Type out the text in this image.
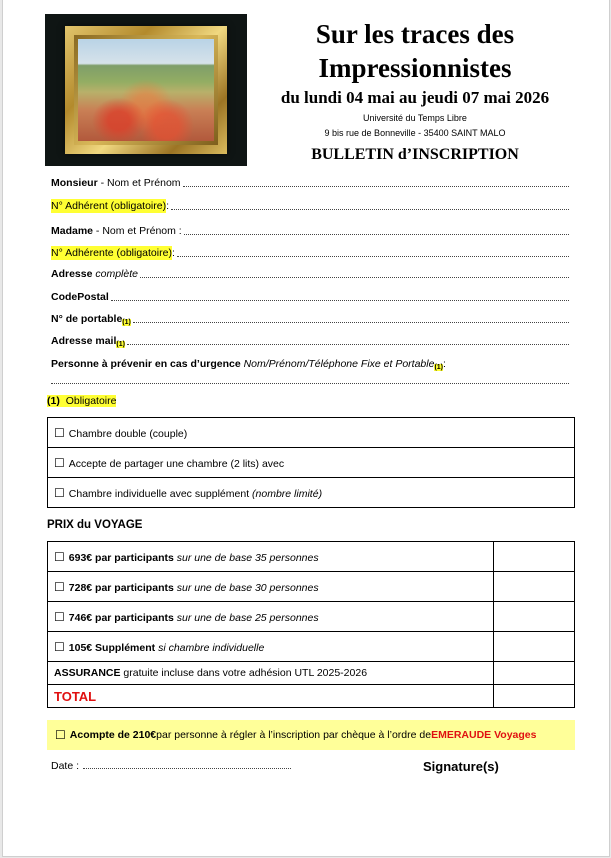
Sur les traces des
Impressionnistes
du lundi 04 mai au jeudi 07 mai 2026
Université du Temps Libre
9 bis rue de Bonneville - 35400 SAINT MALO
BULLETIN d’INSCRIPTION
Monsieur - Nom et Prénom
N° Adhérent (obligatoire) :
Madame - Nom et Prénom :
N° Adhérente (obligatoire) :
Adresse complète
CodePostal
N° de portable (1)
Adresse mail (1)
Personne à prévenir en cas d’urgence Nom/Prénom/Téléphone Fixe et Portable (1) :
(1) Obligatoire
☐ Chambre double (couple)
☐ Accepte de partager une chambre (2 lits) avec
☐ Chambre individuelle avec supplément (nombre limité)
PRIX du VOYAGE
☐ 693€ par participants sur une de base 35 personnes	
☐ 728€ par participants sur une de base 30 personnes	
☐ 746€ par participants sur une de base 25 personnes	
☐ 105€ Supplément si chambre individuelle	
ASSURANCE gratuite incluse dans votre adhésion UTL 2025-2026	
TOTAL	
☐ Acompte de 210€ par personne à régler à l’inscription par chèque à l’ordre de EMERAUDE Voyages
Date :	Signature(s)
